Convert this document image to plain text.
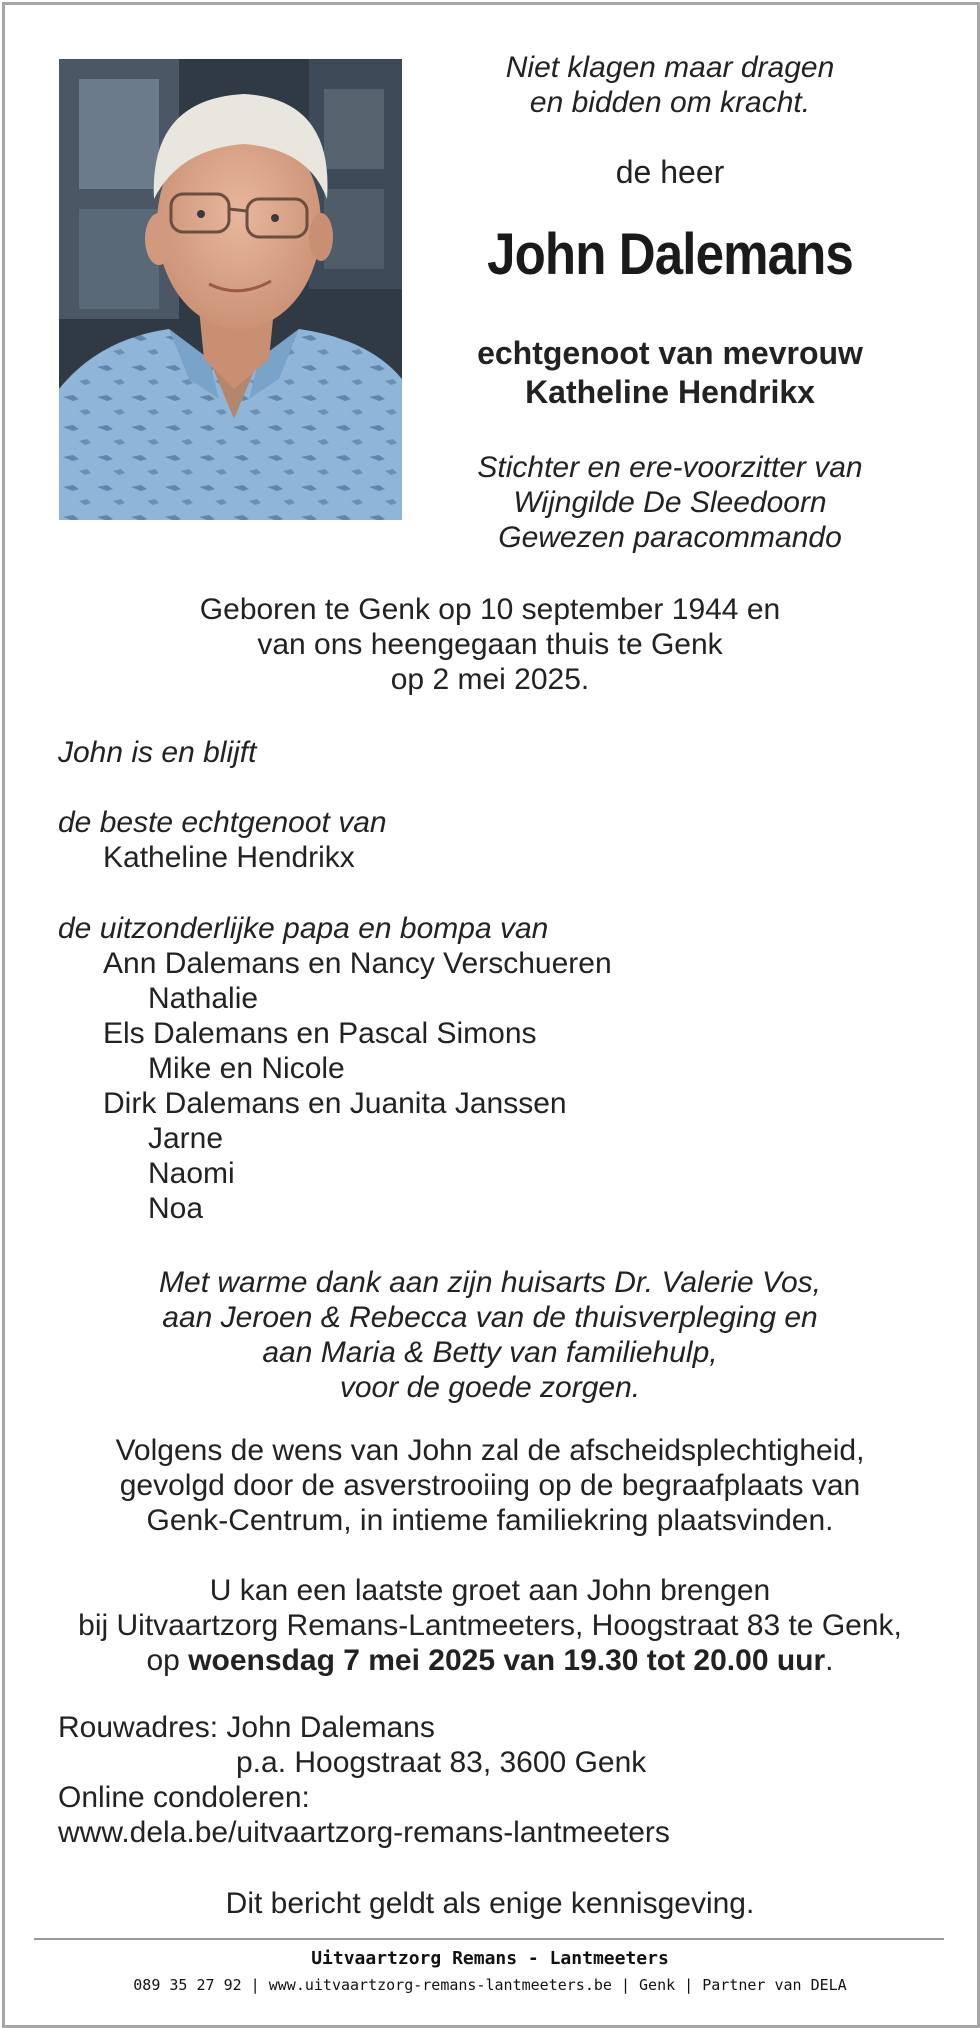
Niet klagen maar dragen
en bidden om kracht.
de heer
John Dalemans
echtgenoot van mevrouw
Katheline Hendrikx
Stichter en ere-voorzitter van
Wijngilde De Sleedoorn
Gewezen paracommando
Geboren te Genk op 10 september 1944 en
van ons heengegaan thuis te Genk
op 2 mei 2025.
John is en blijft
de beste echtgenoot van
Katheline Hendrikx
de uitzonderlijke papa en bompa van
Ann Dalemans en Nancy Verschueren
Nathalie
Els Dalemans en Pascal Simons
Mike en Nicole
Dirk Dalemans en Juanita Janssen
Jarne
Naomi
Noa
Met warme dank aan zijn huisarts Dr. Valerie Vos,
aan Jeroen & Rebecca van de thuisverpleging en
aan Maria & Betty van familiehulp,
voor de goede zorgen.
Volgens de wens van John zal de afscheidsplechtigheid,
gevolgd door de asverstrooiing op de begraafplaats van
Genk-Centrum, in intieme familiekring plaatsvinden.
U kan een laatste groet aan John brengen
bij Uitvaartzorg Remans-Lantmeeters, Hoogstraat 83 te Genk,
op woensdag 7 mei 2025 van 19.30 tot 20.00 uur.
Rouwadres: John Dalemans
p.a. Hoogstraat 83, 3600 Genk
Online condoleren:
www.dela.be/uitvaartzorg-remans-lantmeeters
Dit bericht geldt als enige kennisgeving.
Uitvaartzorg Remans - Lantmeeters
089 35 27 92 | www.uitvaartzorg-remans-lantmeeters.be | Genk | Partner van DELA
